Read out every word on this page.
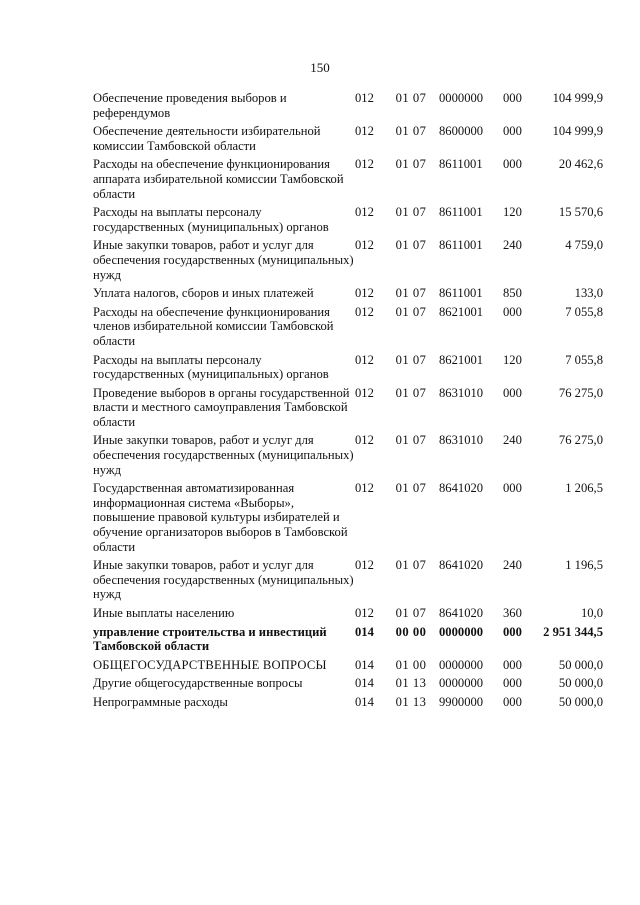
150
Обеспечение проведения выборов и референдумов	012	01 07	0000000	000	104 999,9
Обеспечение деятельности избирательной комиссии Тамбовской области	012	01 07	8600000	000	104 999,9
Расходы на обеспечение функционирования аппарата избирательной комиссии Тамбовской области	012	01 07	8611001	000	20 462,6
Расходы на выплаты персоналу государственных (муниципальных) органов	012	01 07	8611001	120	15 570,6
Иные закупки товаров, работ и услуг для обеспечения государственных (муниципальных) нужд	012	01 07	8611001	240	4 759,0
Уплата налогов, сборов и иных платежей	012	01 07	8611001	850	133,0
Расходы на обеспечение функционирования членов избирательной комиссии Тамбовской области	012	01 07	8621001	000	7 055,8
Расходы на выплаты персоналу государственных (муниципальных) органов	012	01 07	8621001	120	7 055,8
Проведение выборов в органы государственной власти и местного самоуправления Тамбовской области	012	01 07	8631010	000	76 275,0
Иные закупки товаров, работ и услуг для обеспечения государственных (муниципальных) нужд	012	01 07	8631010	240	76 275,0
Государственная автоматизированная информационная система «Выборы», повышение правовой культуры избирателей и обучение организаторов выборов в Тамбовской области	012	01 07	8641020	000	1 206,5
Иные закупки товаров, работ и услуг для обеспечения государственных (муниципальных) нужд	012	01 07	8641020	240	1 196,5
Иные выплаты населению	012	01 07	8641020	360	10,0
управление строительства и инвестиций Тамбовской области	014	00 00	0000000	000	2 951 344,5
ОБЩЕГОСУДАРСТВЕННЫЕ ВОПРОСЫ	014	01 00	0000000	000	50 000,0
Другие общегосударственные вопросы	014	01 13	0000000	000	50 000,0
Непрограммные расходы	014	01 13	9900000	000	50 000,0
